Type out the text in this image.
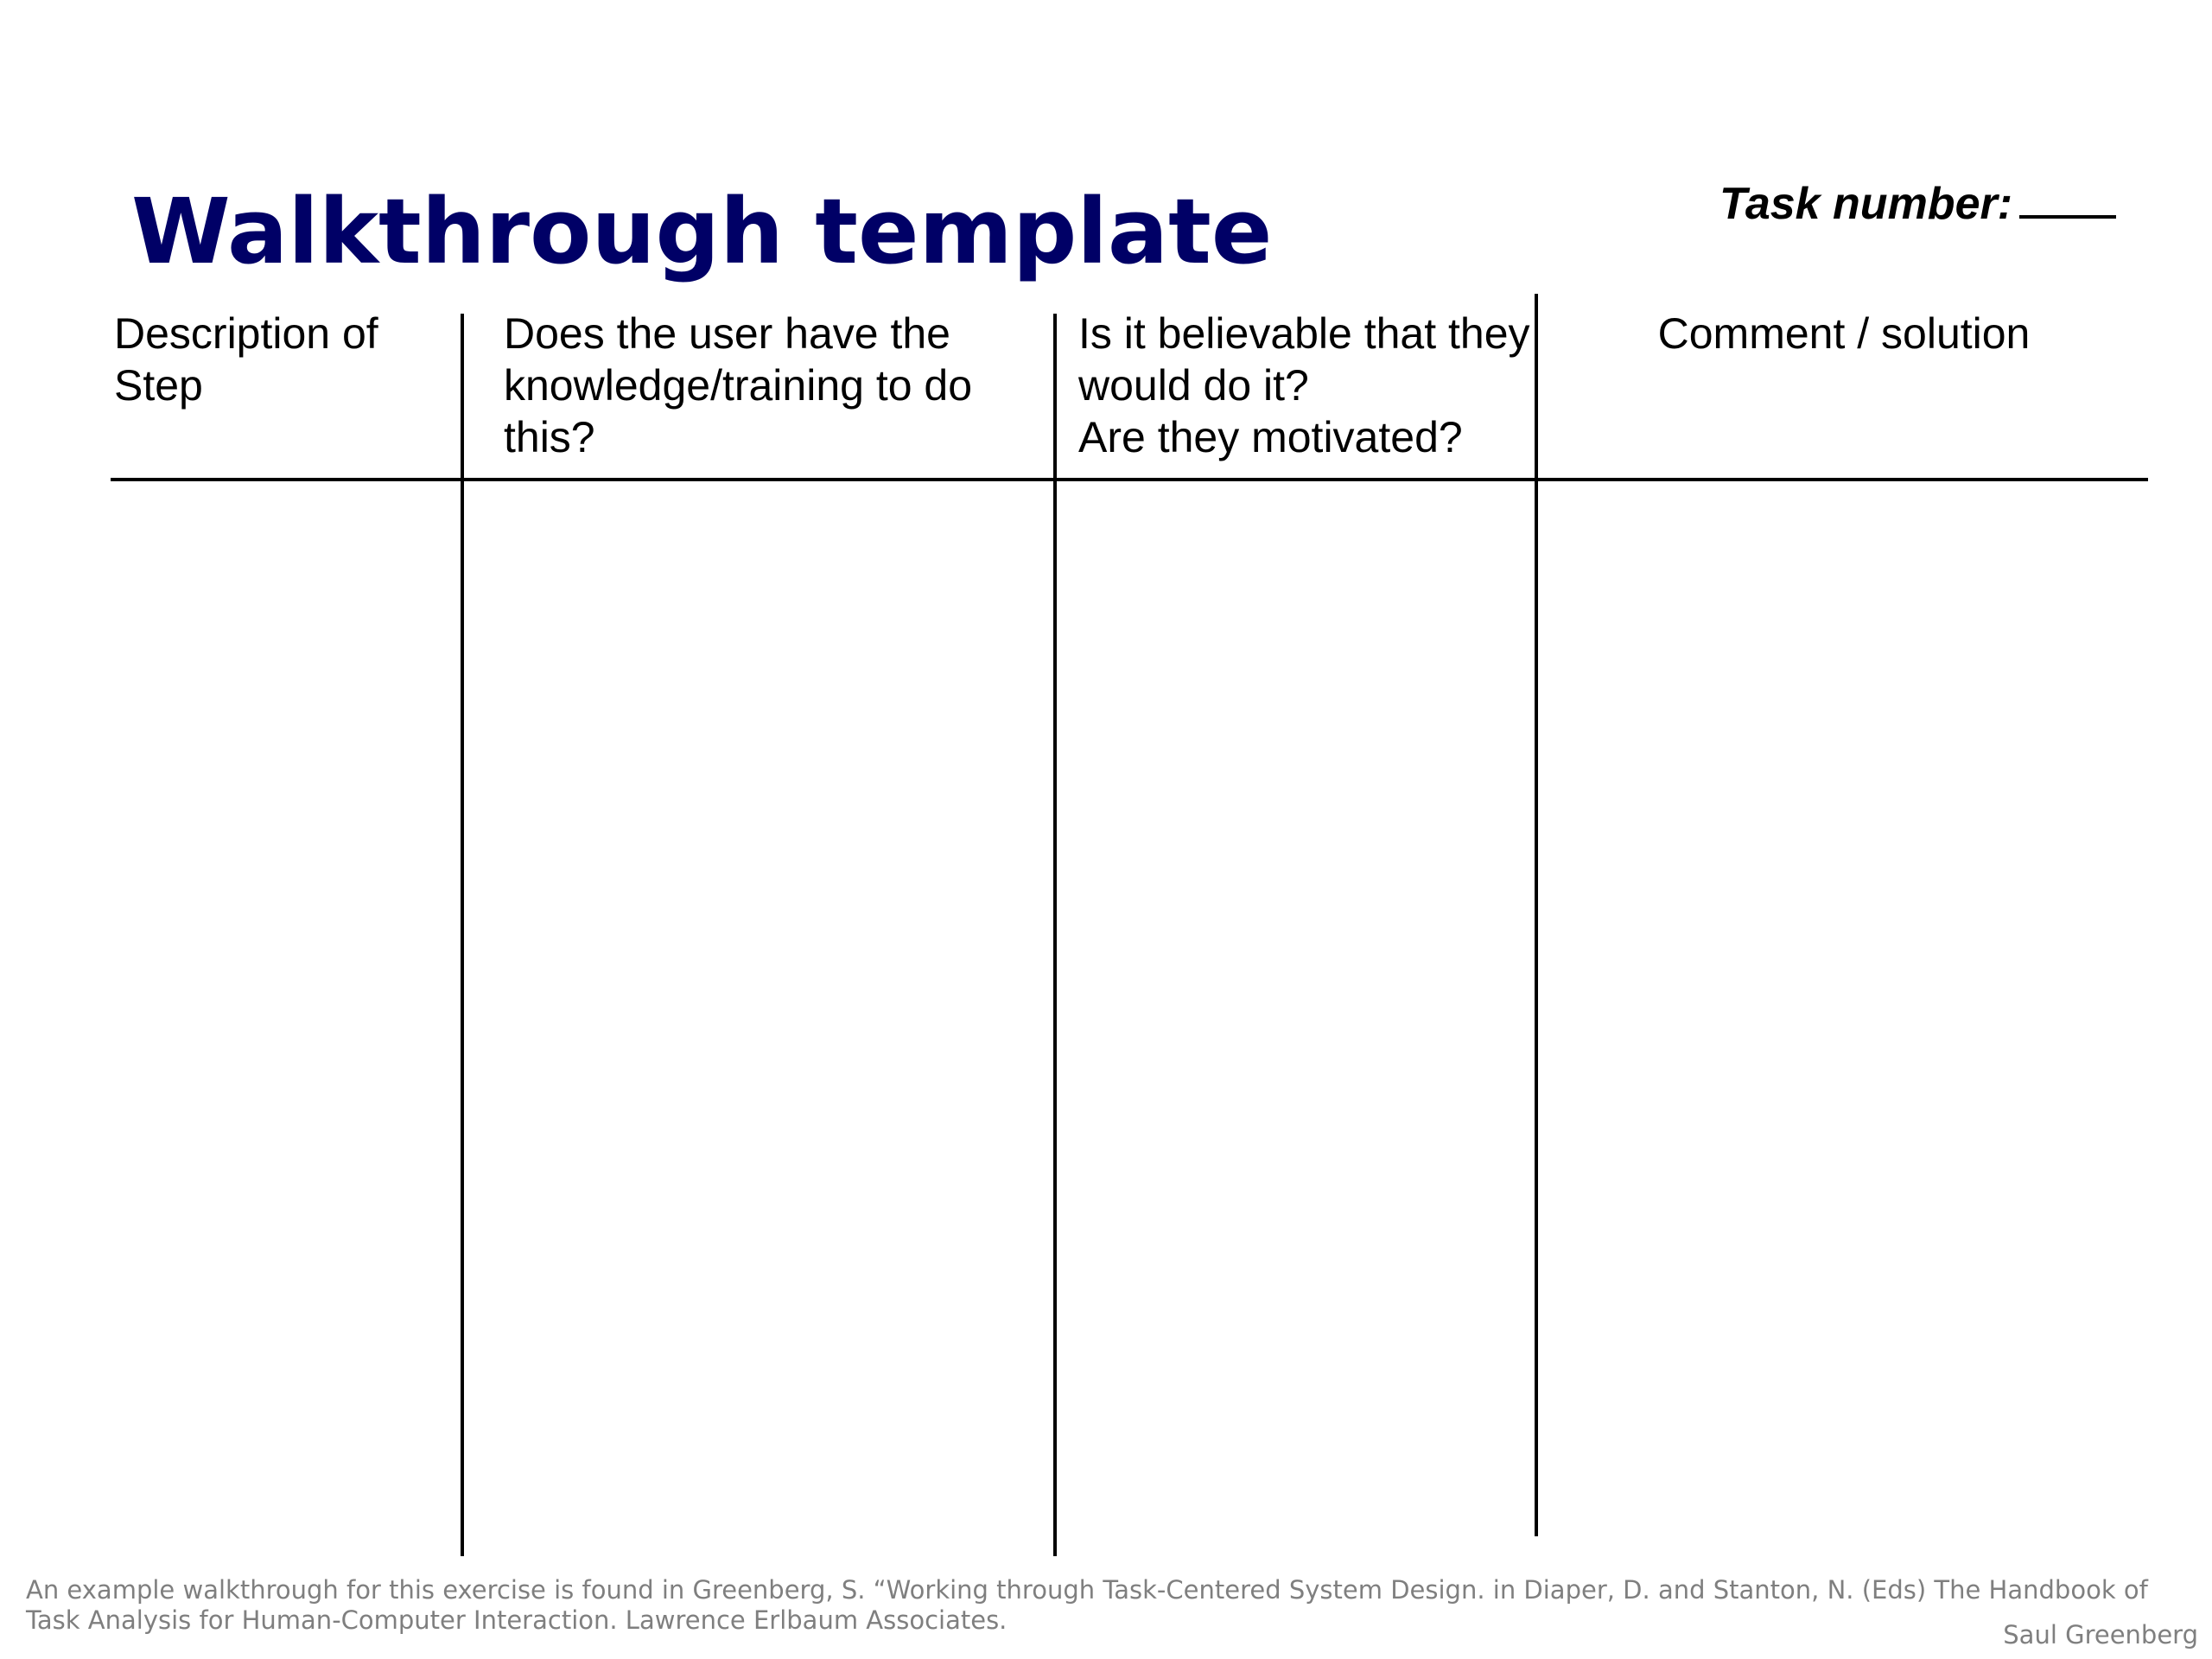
Walkthrough template	Task number:
Description of
Step
Does the user have the
knowledge/training to do
this?
Is it believable that they
would do it?
Are they motivated?
Comment / solution
An example walkthrough for this exercise is found in Greenberg, S. “Working through Task-Centered System Design. in Diaper, D. and Stanton, N. (Eds) The Handbook of
Task Analysis for Human-Computer Interaction. Lawrence Erlbaum Associates.	Saul Greenberg
